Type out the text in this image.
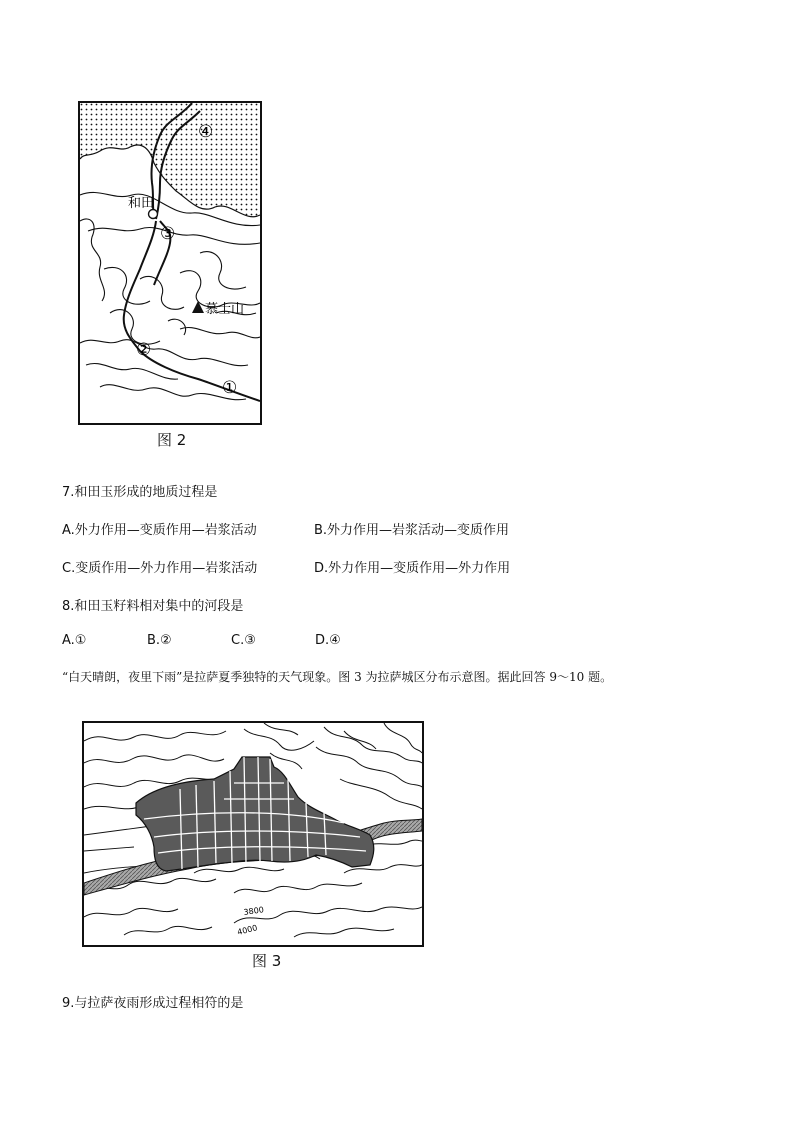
和田
慕士山
④
③
②
①
图 2
7.和田玉形成的地质过程是
A.外力作用—变质作用—岩浆活动	B.外力作用—岩浆活动—变质作用
C.变质作用—外力作用—岩浆活动	D.外力作用—变质作用—外力作用
8.和田玉籽料相对集中的河段是
A.①	B.②	C.③	D.④
“白天晴朗，夜里下雨”是拉萨夏季独特的天气现象。图 3 为拉萨城区分布示意图。据此回答 9～10 题。
3800
4000
图 3
9.与拉萨夜雨形成过程相符的是
